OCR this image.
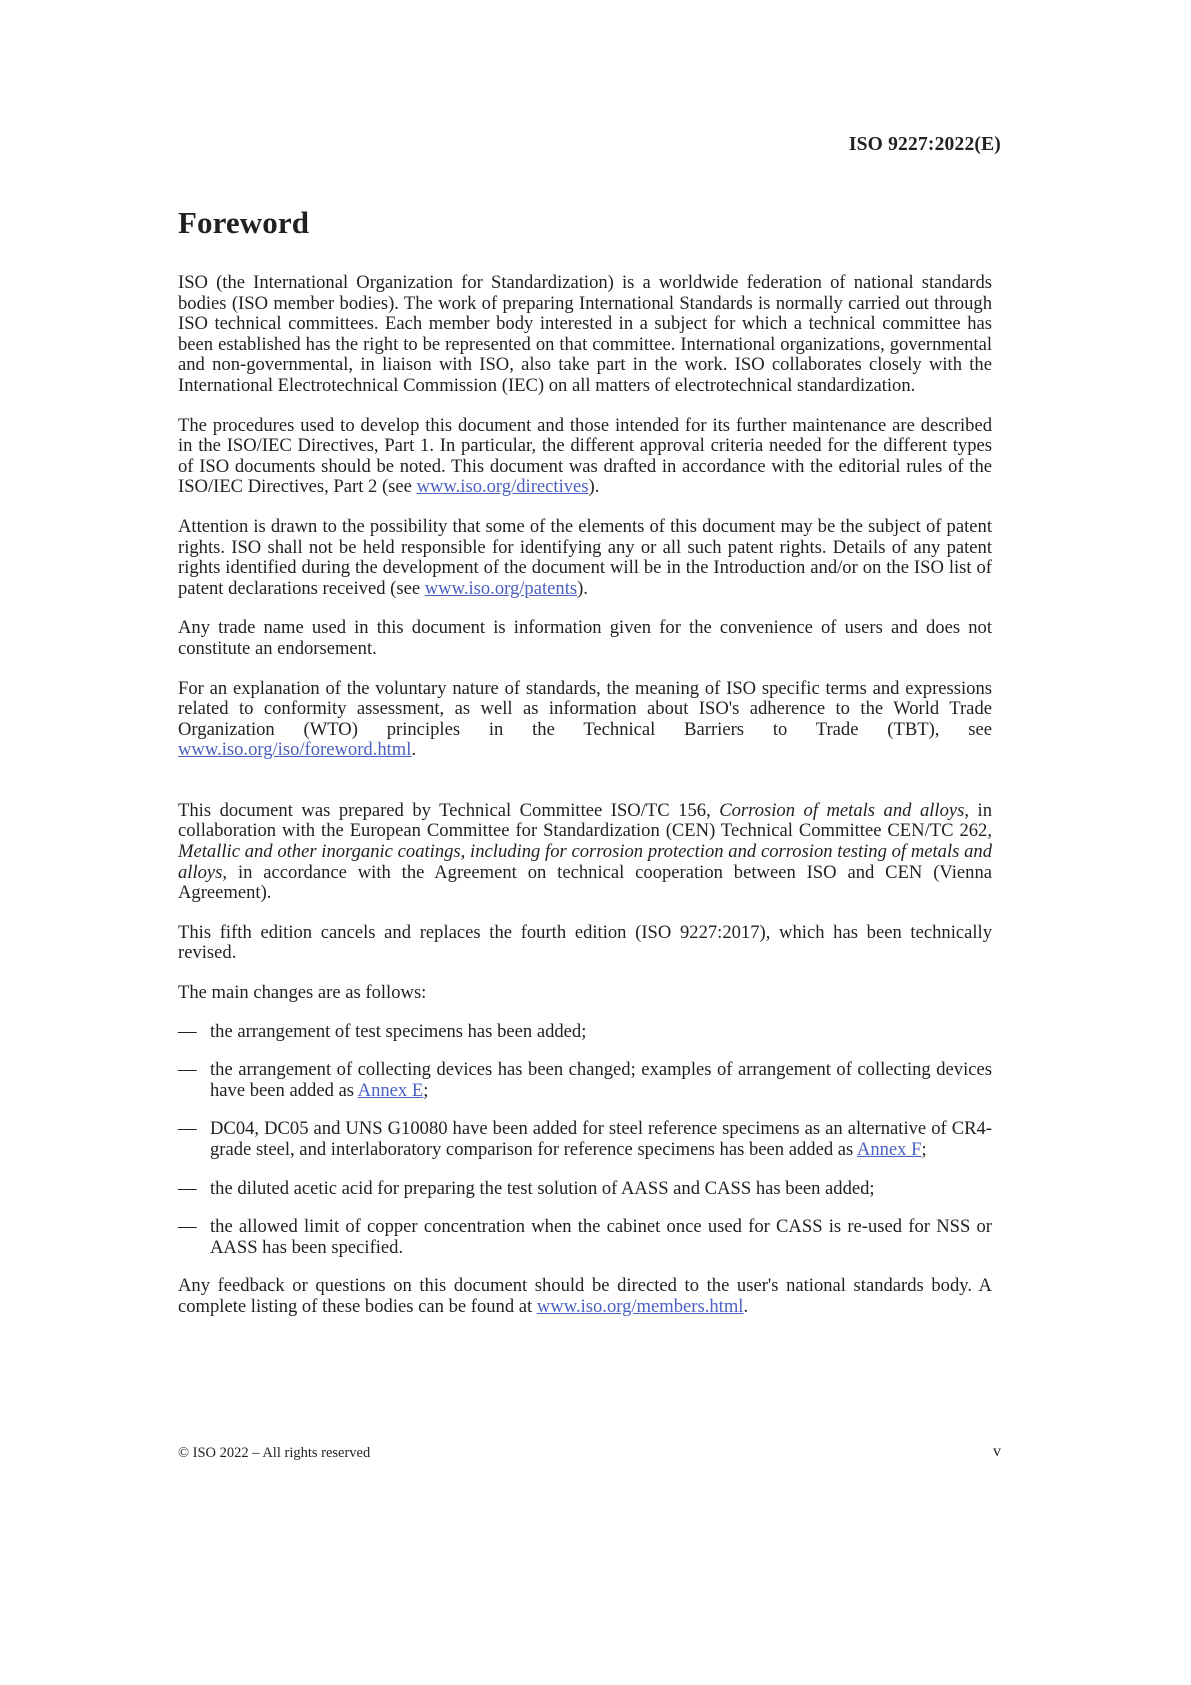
ISO 9227:2022(E)
Foreword

ISO (the International Organization for Standardization) is a worldwide federation of national standards bodies (ISO member bodies). The work of preparing International Standards is normally carried out through ISO technical committees. Each member body interested in a subject for which a technical committee has been established has the right to be represented on that committee. International organizations, governmental and non-governmental, in liaison with ISO, also take part in the work. ISO collaborates closely with the International Electrotechnical Commission (IEC) on all matters of electrotechnical standardization.

The procedures used to develop this document and those intended for its further maintenance are described in the ISO/IEC Directives, Part 1. In particular, the different approval criteria needed for the different types of ISO documents should be noted. This document was drafted in accordance with the editorial rules of the ISO/IEC Directives, Part 2 (see www.iso.org/directives).

Attention is drawn to the possibility that some of the elements of this document may be the subject of patent rights. ISO shall not be held responsible for identifying any or all such patent rights. Details of any patent rights identified during the development of the document will be in the Introduction and/or on the ISO list of patent declarations received (see www.iso.org/patents).

Any trade name used in this document is information given for the convenience of users and does not constitute an endorsement.

For an explanation of the voluntary nature of standards, the meaning of ISO specific terms and expressions related to conformity assessment, as well as information about ISO's adherence to the World Trade Organization (WTO) principles in the Technical Barriers to Trade (TBT), see www.iso.org/iso/foreword.html.

This document was prepared by Technical Committee ISO/TC 156, Corrosion of metals and alloys, in collaboration with the European Committee for Standardization (CEN) Technical Committee CEN/TC 262, Metallic and other inorganic coatings, including for corrosion protection and corrosion testing of metals and alloys, in accordance with the Agreement on technical cooperation between ISO and CEN (Vienna Agreement).

This fifth edition cancels and replaces the fourth edition (ISO 9227:2017), which has been technically revised.

The main changes are as follows:

— the arrangement of test specimens has been added;
— the arrangement of collecting devices has been changed; examples of arrangement of collecting devices have been added as Annex E;
— DC04, DC05 and UNS G10080 have been added for steel reference specimens as an alternative of CR4-grade steel, and interlaboratory comparison for reference specimens has been added as Annex F;
— the diluted acetic acid for preparing the test solution of AASS and CASS has been added;
— the allowed limit of copper concentration when the cabinet once used for CASS is re-used for NSS or AASS has been specified.

Any feedback or questions on this document should be directed to the user's national standards body. A complete listing of these bodies can be found at www.iso.org/members.html.

© ISO 2022 – All rights reserved	v
